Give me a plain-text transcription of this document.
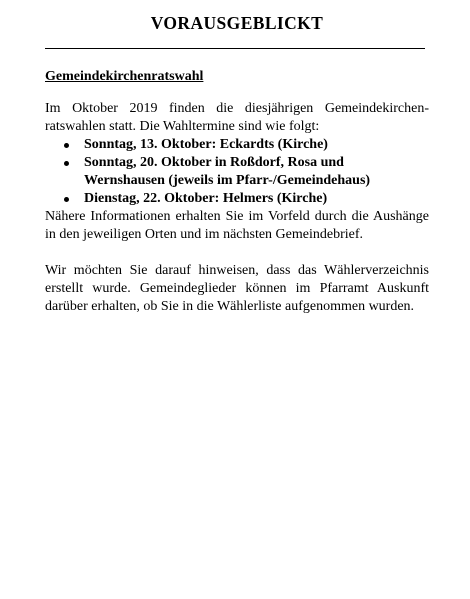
VORAUSGEBLICKT
Gemeindekirchenratswahl

Im Oktober 2019 finden die diesjährigen Gemeindekirchen-ratswahlen statt. Die Wahltermine sind wie folgt:

Sonntag, 13. Oktober: Eckardts (Kirche)
Sonntag, 20. Oktober in Roßdorf, Rosa und Wernshausen (jeweils im Pfarr-/Gemeindehaus)
Dienstag, 22. Oktober: Helmers (Kirche)

Nähere Informationen erhalten Sie im Vorfeld durch die Aushänge in den jeweiligen Orten und im nächsten Gemeindebrief.

Wir möchten Sie darauf hinweisen, dass das Wählerverzeichnis erstellt wurde. Gemeindeglieder können im Pfarramt Auskunft darüber erhalten, ob Sie in die Wählerliste aufgenommen wurden.
